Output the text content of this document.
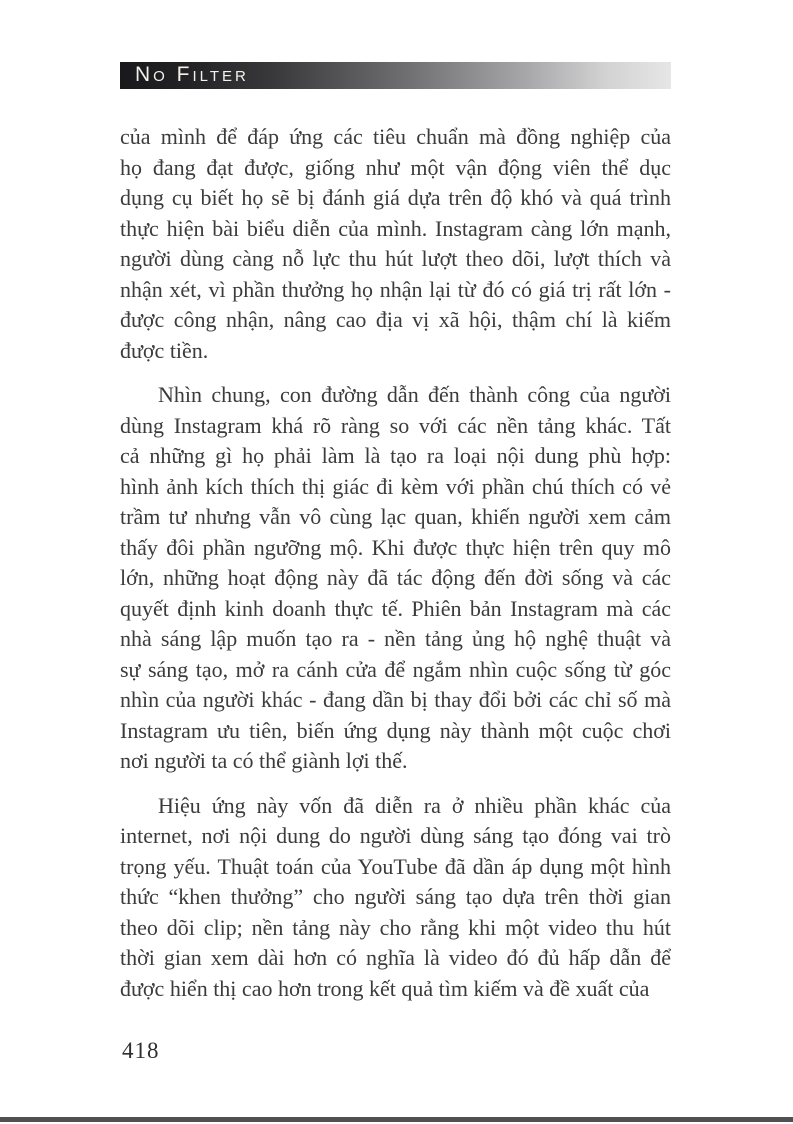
No Filter
của mình để đáp ứng các tiêu chuẩn mà đồng nghiệp của
họ đang đạt được, giống như một vận động viên thể dục
dụng cụ biết họ sẽ bị đánh giá dựa trên độ khó và quá trình
thực hiện bài biểu diễn của mình. Instagram càng lớn mạnh,
người dùng càng nỗ lực thu hút lượt theo dõi, lượt thích và
nhận xét, vì phần thưởng họ nhận lại từ đó có giá trị rất lớn -
được công nhận, nâng cao địa vị xã hội, thậm chí là kiếm
được tiền.
Nhìn chung, con đường dẫn đến thành công của người
dùng Instagram khá rõ ràng so với các nền tảng khác. Tất
cả những gì họ phải làm là tạo ra loại nội dung phù hợp:
hình ảnh kích thích thị giác đi kèm với phần chú thích có vẻ
trầm tư nhưng vẫn vô cùng lạc quan, khiến người xem cảm
thấy đôi phần ngưỡng mộ. Khi được thực hiện trên quy mô
lớn, những hoạt động này đã tác động đến đời sống và các
quyết định kinh doanh thực tế. Phiên bản Instagram mà các
nhà sáng lập muốn tạo ra - nền tảng ủng hộ nghệ thuật và
sự sáng tạo, mở ra cánh cửa để ngắm nhìn cuộc sống từ góc
nhìn của người khác - đang dần bị thay đổi bởi các chỉ số mà
Instagram ưu tiên, biến ứng dụng này thành một cuộc chơi
nơi người ta có thể giành lợi thế.
Hiệu ứng này vốn đã diễn ra ở nhiều phần khác của
internet, nơi nội dung do người dùng sáng tạo đóng vai trò
trọng yếu. Thuật toán của YouTube đã dần áp dụng một hình
thức “khen thưởng” cho người sáng tạo dựa trên thời gian
theo dõi clip; nền tảng này cho rằng khi một video thu hút
thời gian xem dài hơn có nghĩa là video đó đủ hấp dẫn để
được hiển thị cao hơn trong kết quả tìm kiếm và đề xuất của
418
